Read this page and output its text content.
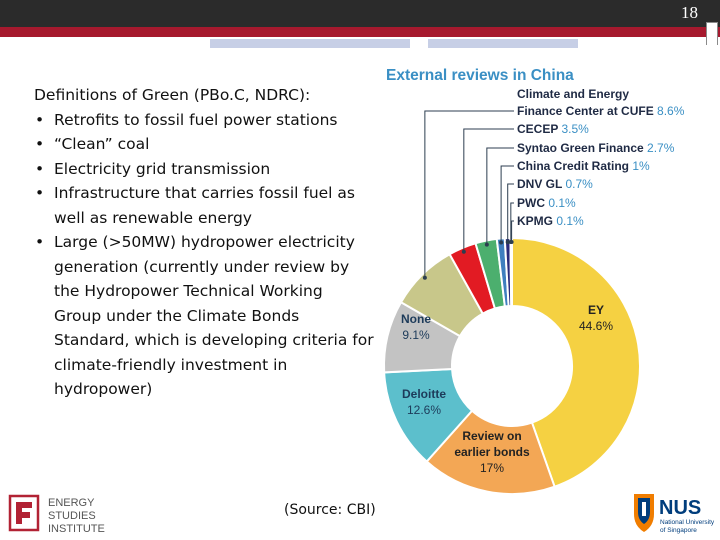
18
Definitions of Green (PBo.C, NDRC):
• Retrofits to fossil fuel power stations
• “Clean” coal
• Electricity grid transmission
• Infrastructure that carries fossil fuel as well as renewable energy
• Large (>50MW) hydropower electricity generation (currently under review by the Hydropower Technical Working Group under the Climate Bonds Standard, which is developing criteria for climate-friendly investment in hydropower)
External reviews in China
EY
44.6%
Review on
earlier bonds
17%
Deloitte
12.6%
None
9.1%
Climate and Energy
Finance Center at CUFE 8.6%
CECEP 3.5%
Syntao Green Finance 2.7%
China Credit Rating 1%
DNV GL 0.7%
PWC 0.1%
KPMG 0.1%
(Source: CBI)
ENERGY
STUDIES
INSTITUTE
NUS
National University
of Singapore
